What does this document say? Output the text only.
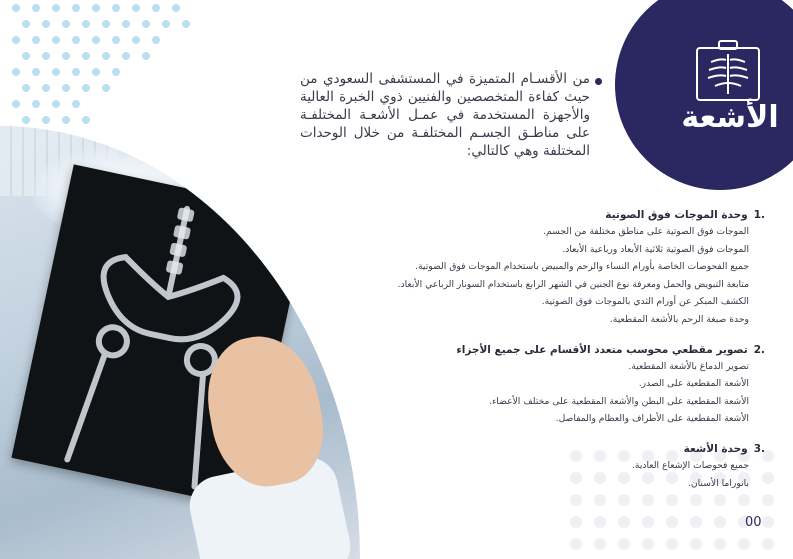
الأشعة
من الأقسـام المتميزة في المستشفى السعودي من حيث كفاءة المتخصصين والفنيين ذوي الخبرة العالية والأجهزة المستخدمة في عمـل الأشعـة المختلفـة على مناطـق الجسـم المختلفـة من خلال الوحدات المختلفة وهي كالتالي:
1.
وحدة الموجات فوق الصوتية
الموجات فوق الصوتية على مناطق مختلفة من الجسم.
الموجات فوق الصوتية ثلاثية الأبعاد ورباعية الأبعاد.
جميع الفحوصات الخاصة بأورام النساء والرحم والمبيض باستخدام الموجات فوق الصوتية.
متابعة التبويض والحمل ومعرفة نوع الجنين في الشهر الرابع باستخدام السونار الرباعي الأبعاد.
الكشف المبكر عن أورام الثدي بالموجات فوق الصوتية.
وحدة صبغة الرحم بالأشعة المقطعية.
2.
تصوير مقطعي محوسب متعدد الأقسام على جميع الأجزاء
تصوير الدماغ بالأشعة المقطعية.
الأشعة المقطعية على الصدر.
الأشعة المقطعية على البطن والأشعة المقطعية على مختلف الأعضاء.
الأشعة المقطعية على الأطراف والعظام والمفاصل.
3.
وحدة الأشعة
جميع فحوصات الإشعاع العادية.
بانوراما الأسنان.
00
